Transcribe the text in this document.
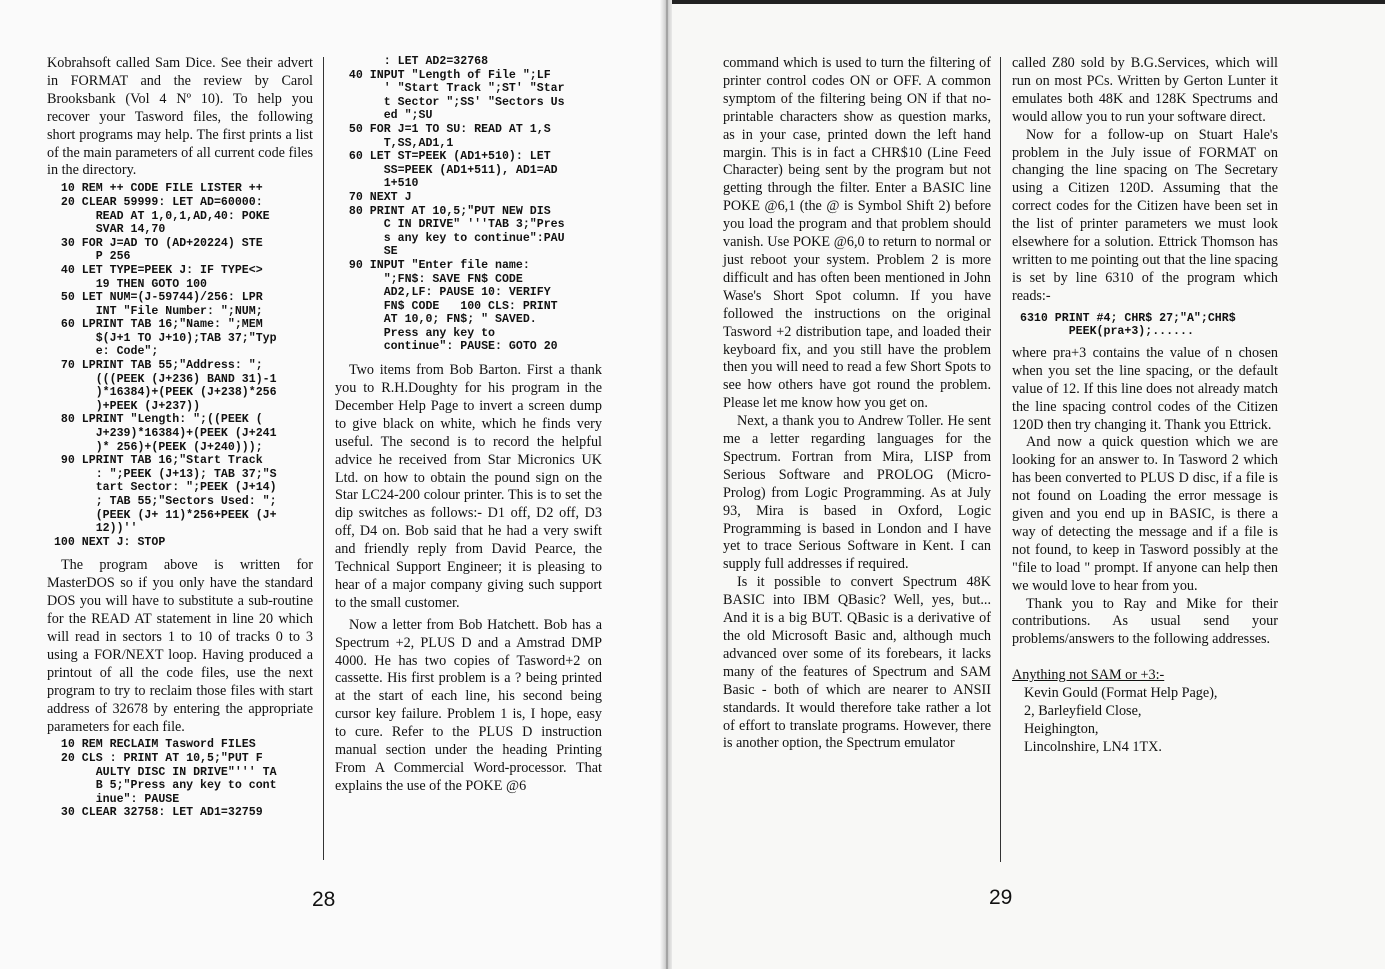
Kobrahsoft called Sam Dice. See their advert in FORMAT and the review by Carol Brooksbank (Vol 4 Nº 10). To help you recover your Tasword files, the following short programs may help. The first prints a list of the main parameters of all current code files in the directory.

10 REM ++ CODE FILE LISTER ++
20 CLEAR 59999: LET AD=60000:
READ AT 1,0,1,AD,40: POKE
SVAR 14,70
30 FOR J=AD TO (AD+20224) STE
P 256
40 LET TYPE=PEEK J: IF TYPE<>
19 THEN GOTO 100
50 LET NUM=(J-59744)/256: LPR
INT "File Number: ";NUM;
60 LPRINT TAB 16;"Name: ";MEM
$(J+1 TO J+10);TAB 37;"Typ
e: Code";
70 LPRINT TAB 55;"Address: ";
(((PEEK (J+236) BAND 31)-1
)*16384)+(PEEK (J+238)*256
)+PEEK (J+237))
80 LPRINT "Length: ";((PEEK (
J+239)*16384)+(PEEK (J+241
)* 256)+(PEEK (J+240)));
90 LPRINT TAB 16;"Start Track
: ";PEEK (J+13); TAB 37;"S
tart Sector: ";PEEK (J+14)
; TAB 55;"Sectors Used: ";
(PEEK (J+ 11)*256+PEEK (J+
12))''
100 NEXT J: STOP

The program above is written for MasterDOS so if you only have the standard DOS you will have to substitute a sub-routine for the READ AT statement in line 20 which will read in sectors 1 to 10 of tracks 0 to 3 using a FOR/NEXT loop. Having produced a printout of all the code files, use the next program to try to reclaim those files with start address of 32678 by entering the appropriate parameters for each file.

10 REM RECLAIM Tasword FILES
20 CLS : PRINT AT 10,5;"PUT F
AULTY DISC IN DRIVE"''' TA
B 5;"Press any key to cont
inue": PAUSE
30 CLEAR 32758: LET AD1=32759
: LET AD2=32768
40 INPUT "Length of File ";LF
' "Start Track ";ST' "Star
t Sector ";SS' "Sectors Us
ed ";SU
50 FOR J=1 TO SU: READ AT 1,S
T,SS,AD1,1
60 LET ST=PEEK (AD1+510): LET
SS=PEEK (AD1+511), AD1=AD
1+510
70 NEXT J
80 PRINT AT 10,5;"PUT NEW DIS
C IN DRIVE" '''TAB 3;"Pres
s any key to continue":PAU
SE
90 INPUT "Enter file name:
";FN$: SAVE FN$ CODE
AD2,LF: PAUSE 10: VERIFY
FN$ CODE   100 CLS: PRINT
AT 10,0; FN$; " SAVED.
Press any key to
continue": PAUSE: GOTO 20

Two items from Bob Barton. First a thank you to R.H.Doughty for his program in the December Help Page to invert a screen dump to give black on white, which he finds very useful. The second is to record the helpful advice he received from Star Micronics UK Ltd. on how to obtain the pound sign on the Star LC24-200 colour printer. This is to set the dip switches as follows:- D1 off, D2 off, D3 off, D4 on. Bob said that he had a very swift and friendly reply from David Pearce, the Technical Support Engineer; it is pleasing to hear of a major company giving such support to the small customer.

Now a letter from Bob Hatchett. Bob has a Spectrum +2, PLUS D and a Amstrad DMP 4000. He has two copies of Tasword+2 on cassette. His first problem is a ? being printed at the start of each line, his second being cursor key failure. Problem 1 is, I hope, easy to cure. Refer to the PLUS D instruction manual section under the heading Printing From A Commercial Word-processor. That explains the use of the POKE @6

28

command which is used to turn the filtering of printer control codes ON or OFF. A common symptom of the filtering being ON if that no-printable characters show as question marks, as in your case, printed down the left hand margin. This is in fact a CHR$10 (Line Feed Character) being sent by the program but not getting through the filter. Enter a BASIC line POKE @6,1 (the @ is Symbol Shift 2) before you load the program and that problem should vanish. Use POKE @6,0 to return to normal or just reboot your system. Problem 2 is more difficult and has often been mentioned in John Wase's Short Spot column. If you have followed the instructions on the original Tasword +2 distribution tape, and loaded their keyboard fix, and you still have the problem then you will need to read a few Short Spots to see how others have got round the problem. Please let me know how you get on.

Next, a thank you to Andrew Toller. He sent me a letter regarding languages for the Spectrum. Fortran from Mira, LISP from Serious Software and PROLOG (Micro-Prolog) from Logic Programming. As at July 93, Mira is based in Oxford, Logic Programming is based in London and I have yet to trace Serious Software in Kent. I can supply full addresses if required.

Is it possible to convert Spectrum 48K BASIC into IBM QBasic? Well, yes, but... And it is a big BUT. QBasic is a derivative of the old Microsoft Basic and, although much advanced over some of its forebears, it lacks many of the features of Spectrum and SAM Basic - both of which are nearer to ANSII standards. It would therefore take rather a lot of effort to translate programs. However, there is another option, the Spectrum emulator

called Z80 sold by B.G.Services, which will run on most PCs. Written by Gerton Lunter it emulates both 48K and 128K Spectrums and would allow you to run your software direct.

Now for a follow-up on Stuart Hale's problem in the July issue of FORMAT on changing the line spacing on The Secretary using a Citizen 120D. Assuming that the correct codes for the Citizen have been set in the list of printer parameters we must look elsewhere for a solution. Ettrick Thomson has written to me pointing out that the line spacing is set by line 6310 of the program which reads:-

6310 PRINT #4; CHR$ 27;"A";CHR$
PEEK(pra+3);......

where pra+3 contains the value of n chosen when you set the line spacing, or the default value of 12. If this line does not already match the line spacing control codes of the Citizen 120D then try changing it. Thank you Ettrick.

And now a quick question which we are looking for an answer to. In Tasword 2 which has been converted to PLUS D disc, if a file is not found on Loading the error message is given and you end up in BASIC, is there a way of detecting the message and if a file is not found, to keep in Tasword possibly at the "file to load " prompt. If anyone can help then we would love to hear from you.

Thank you to Ray and Mike for their contributions. As usual send your problems/answers to the following addresses.

Anything not SAM or +3:-
Kevin Gould (Format Help Page),
2, Barleyfield Close,
Heighington,
Lincolnshire, LN4 1TX.
29
